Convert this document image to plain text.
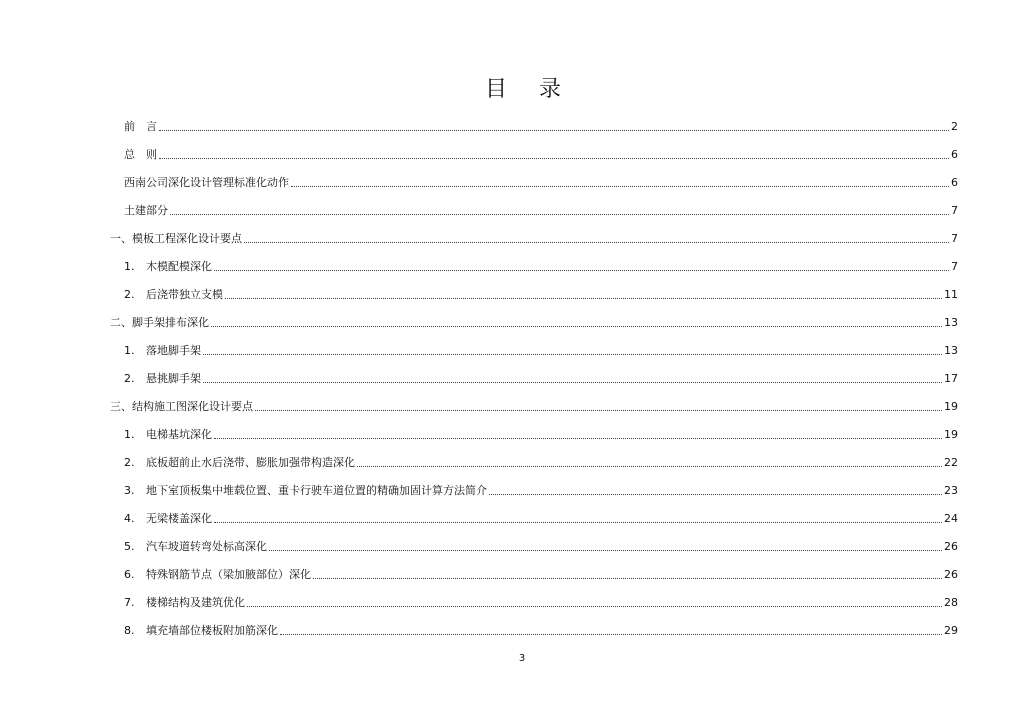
目 录
前　言	2
总　则	6
西南公司深化设计管理标准化动作	6
土建部分	7
一、模板工程深化设计要点	7
1. 木模配模深化	7
2. 后浇带独立支模	11
二、脚手架排布深化	13
1. 落地脚手架	13
2. 悬挑脚手架	17
三、结构施工图深化设计要点	19
1. 电梯基坑深化	19
2. 底板超前止水后浇带、膨胀加强带构造深化	22
3. 地下室顶板集中堆载位置、重卡行驶车道位置的精确加固计算方法简介	23
4. 无梁楼盖深化	24
5. 汽车坡道转弯处标高深化	26
6. 特殊钢筋节点（梁加腋部位）深化	26
7. 楼梯结构及建筑优化	28
8. 填充墙部位楼板附加筋深化	29
3
